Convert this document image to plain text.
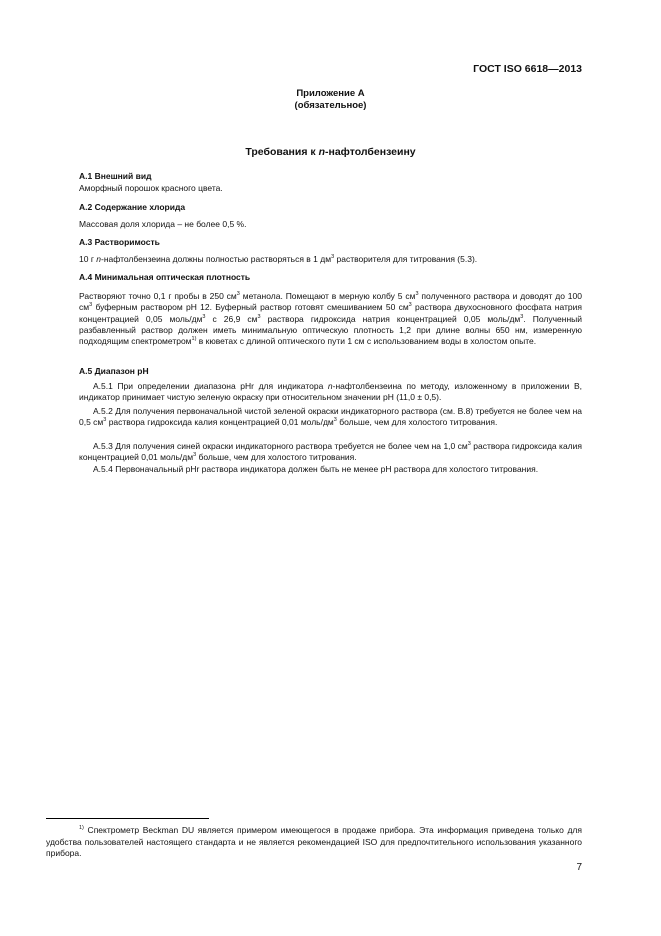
ГОСТ ISO 6618—2013
Приложение А
(обязательное)
Требования к n-нафтолбензеину
А.1 Внешний вид
Аморфный порошок красного цвета.
А.2 Содержание хлорида
Массовая доля хлорида – не более 0,5 %.
А.3 Растворимость
10 г n-нафтолбензеина должны полностью растворяться в 1 $дм^3$ растворителя для титрования (5.3).
А.4 Минимальная оптическая плотность
Растворяют точно 0,1 г пробы в 250 $см^3$ метанола. Помещают в мерную колбу 5 $см^3$ полученного раствора и доводят до 100 $см^3$ буферным раствором pH 12. Буферный раствор готовят смешиванием 50 $см^3$ раствора двухосновного фосфата натрия концентрацией 0,05 моль/$дм^3$ с 26,9 $см^3$ раствора гидроксида натрия концентрацией 0,05 моль/$дм^3$. Полученный разбавленный раствор должен иметь минимальную оптическую плотность 1,2 при длине волны 650 нм, измеренную подходящим спектрометром$^{1)}$ в кюветах с длиной оптического пути 1 см с использованием воды в холостом опыте.
А.5 Диапазон pH
А.5.1 При определении диапазона pHr для индикатора n-нафтолбензеина по методу, изложенному в приложении В, индикатор принимает чистую зеленую окраску при относительном значении pH (11,0 ± 0,5).
А.5.2 Для получения первоначальной чистой зеленой окраски индикаторного раствора (см. В.8) требуется не более чем на 0,5 $см^3$ раствора гидроксида калия концентрацией 0,01 моль/$дм^3$ больше, чем для холостого титрования.
А.5.3 Для получения синей окраски индикаторного раствора требуется не более чем на 1,0 $см^3$ раствора гидроксида калия концентрацией 0,01 моль/$дм^3$ больше, чем для холостого титрования.
А.5.4 Первоначальный pHr раствора индикатора должен быть не менее pH раствора для холостого титрования.
$^{1)}$ Спектрометр Beckman DU является примером имеющегося в продаже прибора. Эта информация приведена только для удобства пользователей настоящего стандарта и не является рекомендацией ISO для предпочтительного использования указанного прибора.
7
